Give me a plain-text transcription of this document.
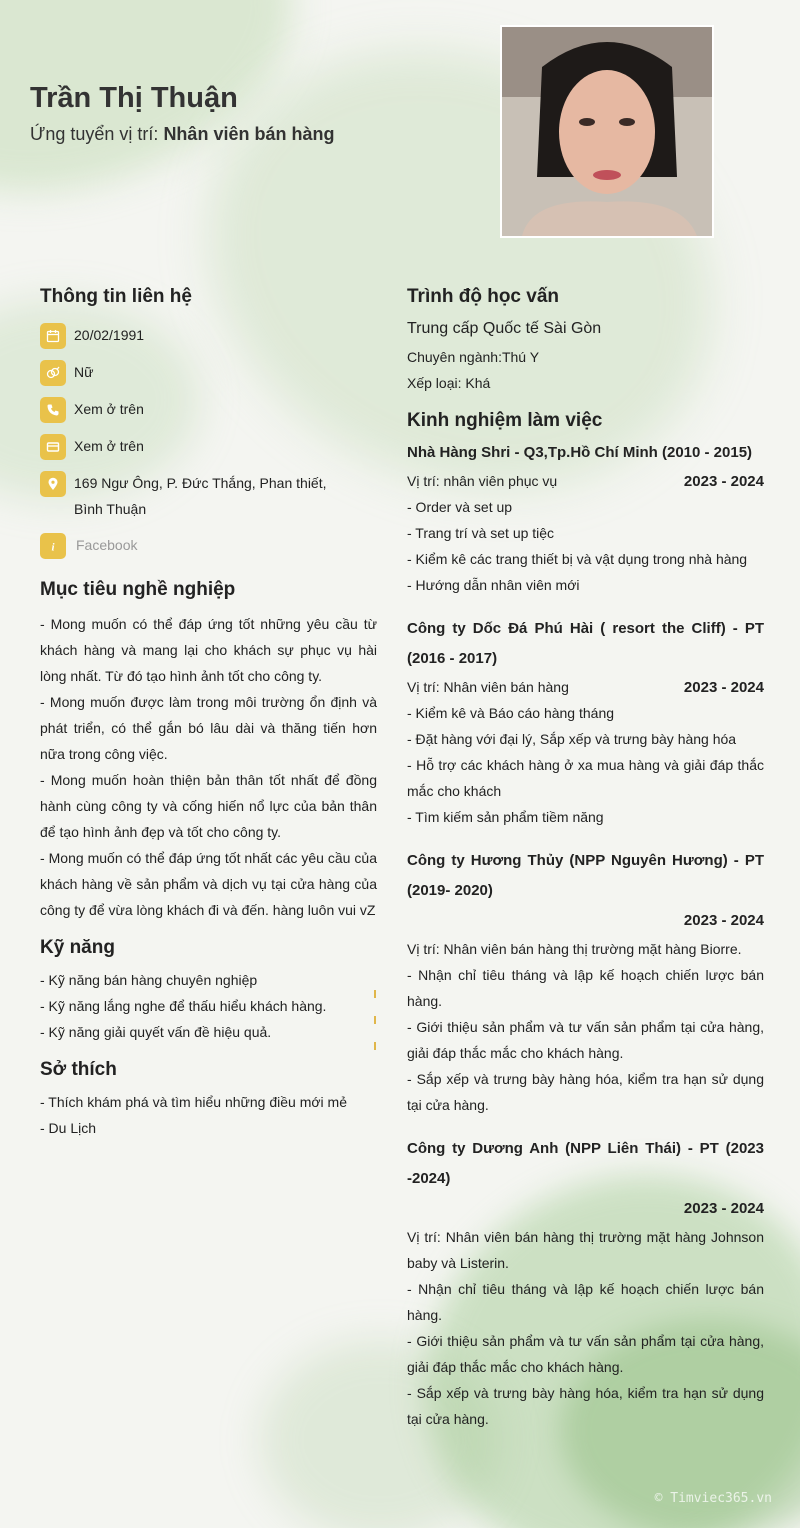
Trần Thị Thuận
Ứng tuyển vị trí: Nhân viên bán hàng
Thông tin liên hệ
20/02/1991
Nữ
Xem ở trên
Xem ở trên
169 Ngư Ông, P. Đức Thắng, Phan thiết,
Bình Thuận
i Facebook
Mục tiêu nghề nghiệp
- Mong muốn có thể đáp ứng tốt những yêu cầu từ khách hàng và mang lại cho khách sự phục vụ hài lòng nhất. Từ đó tạo hình ảnh tốt cho công ty.
- Mong muốn được làm trong môi trường ổn định và phát triển, có thể gắn bó lâu dài và thăng tiến hơn nữa trong công việc.
- Mong muốn hoàn thiện bản thân tốt nhất để đồng hành cùng công ty và cống hiến nổ lực của bản thân để tạo hình ảnh đẹp và tốt cho công ty.
- Mong muốn có thể đáp ứng tốt nhất các yêu cầu của khách hàng về sản phẩm và dịch vụ tại cửa hàng của công ty để vừa lòng khách đi và đến. hàng luôn vui vZ
Kỹ năng
- Kỹ năng bán hàng chuyên nghiệp
- Kỹ năng lắng nghe để thấu hiểu khách hàng.
- Kỹ năng giải quyết vấn đề hiệu quả.
Sở thích
- Thích khám phá và tìm hiểu những điều mới mẻ
- Du Lịch
Trình độ học vấn
Trung cấp Quốc tế Sài Gòn
Chuyên ngành:Thú Y
Xếp loại: Khá
Kinh nghiệm làm việc
Nhà Hàng Shri - Q3,Tp.Hồ Chí Minh (2010 - 2015)
Vị trí: nhân viên phục vụ	2023 - 2024
- Order và set up
- Trang trí và set up tiệc
- Kiểm kê các trang thiết bị và vật dụng trong nhà hàng
- Hướng dẫn nhân viên mới
Công ty Dốc Đá Phú Hài ( resort the Cliff) - PT (2016 - 2017)
Vị trí: Nhân viên bán hàng	2023 - 2024
- Kiểm kê và Báo cáo hàng tháng
- Đặt hàng với đại lý, Sắp xếp và trưng bày hàng hóa
- Hỗ trợ các khách hàng ở xa mua hàng và giải đáp thắc mắc cho khách
- Tìm kiếm sản phẩm tiềm năng
Công ty Hương Thủy (NPP Nguyên Hương) - PT (2019- 2020)
2023 - 2024
Vị trí: Nhân viên bán hàng thị trường mặt hàng Biorre.
- Nhận chỉ tiêu tháng và lập kế hoạch chiến lược bán hàng.
- Giới thiệu sản phẩm và tư vấn sản phẩm tại cửa hàng, giải đáp thắc mắc cho khách hàng.
- Sắp xếp và trưng bày hàng hóa, kiểm tra hạn sử dụng tại cửa hàng.
Công ty Dương Anh (NPP Liên Thái) - PT (2023 -2024)
2023 - 2024
Vị trí: Nhân viên bán hàng thị trường mặt hàng Johnson baby và Listerin.
- Nhận chỉ tiêu tháng và lập kế hoạch chiến lược bán hàng.
- Giới thiệu sản phẩm và tư vấn sản phẩm tại cửa hàng, giải đáp thắc mắc cho khách hàng.
- Sắp xếp và trưng bày hàng hóa, kiểm tra hạn sử dụng tại cửa hàng.
© Timviec365.vn
